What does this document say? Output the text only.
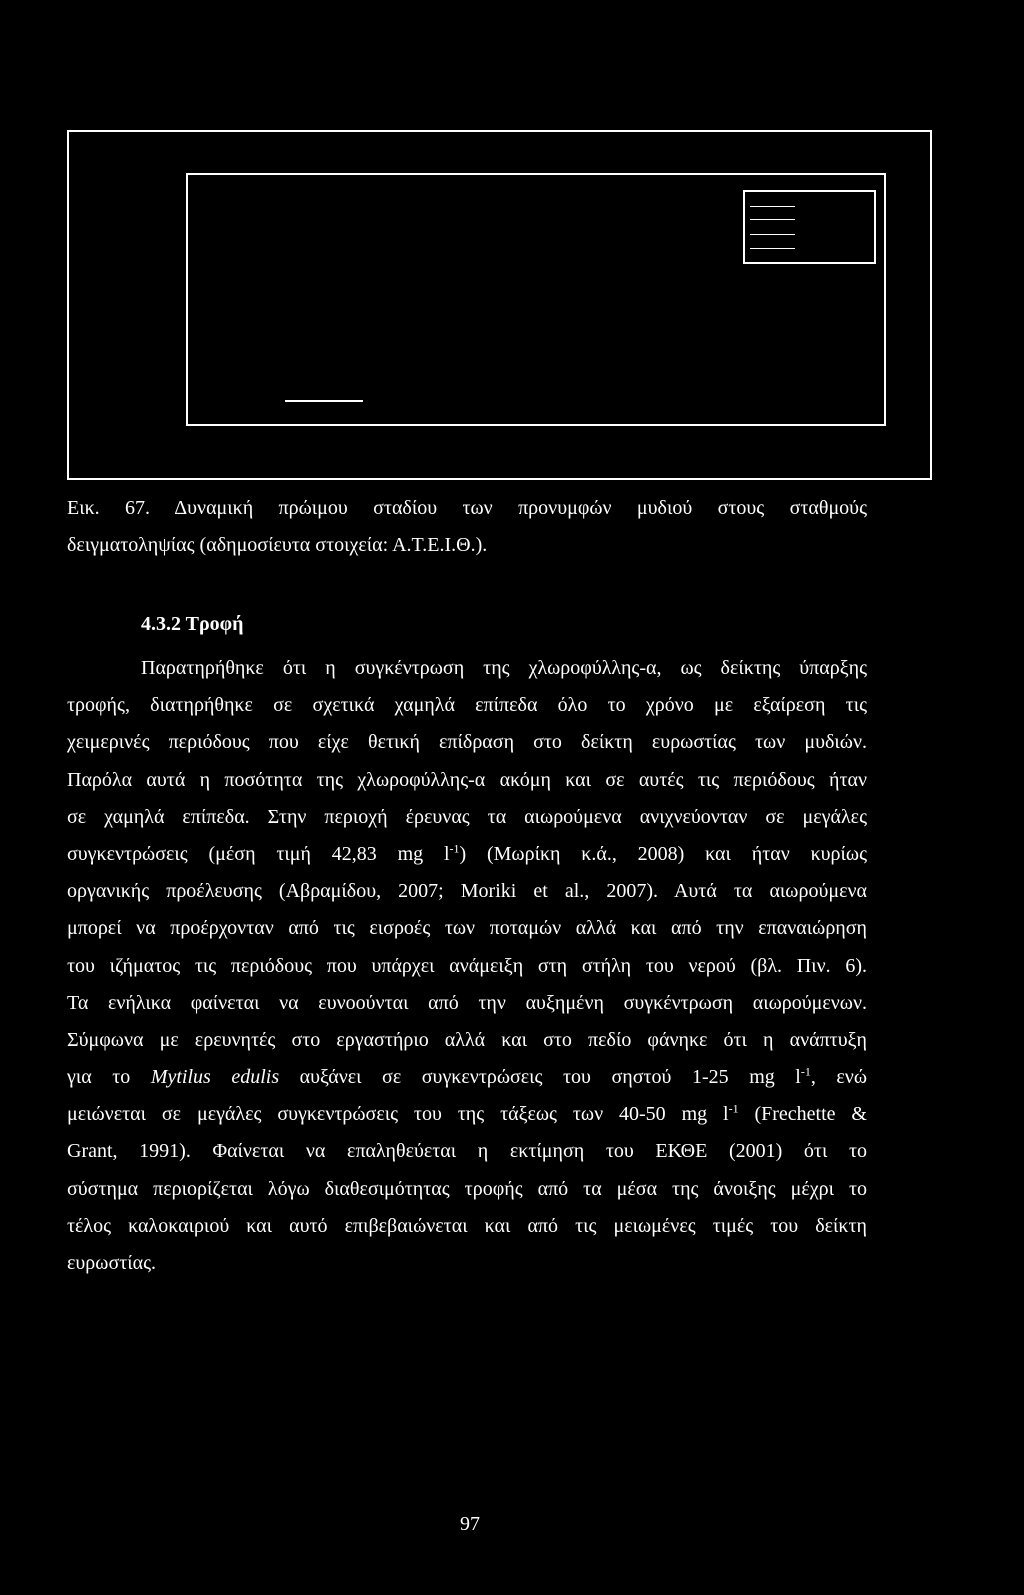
Εικ. 67. Δυναμική πρώιμου σταδίου των προνυμφών μυδιού στους σταθμούς
δειγματοληψίας (αδημοσίευτα στοιχεία: Α.Τ.Ε.Ι.Θ.).
4.3.2 Τροφή
Παρατηρήθηκε ότι η συγκέντρωση της χλωροφύλλης-α, ως δείκτης ύπαρξης
τροφής, διατηρήθηκε σε σχετικά χαμηλά επίπεδα όλο το χρόνο με εξαίρεση τις
χειμερινές περιόδους που είχε θετική επίδραση στο δείκτη ευρωστίας των μυδιών.
Παρόλα αυτά η ποσότητα της χλωροφύλλης-α ακόμη και σε αυτές τις περιόδους ήταν
σε χαμηλά επίπεδα. Στην περιοχή έρευνας τα αιωρούμενα ανιχνεύονταν σε μεγάλες
συγκεντρώσεις (μέση τιμή 42,83 mg $l^{-1}$) (Μωρίκη κ.ά., 2008) και ήταν κυρίως
οργανικής προέλευσης (Αβραμίδου, 2007; Moriki et al., 2007). Αυτά τα αιωρούμενα
μπορεί να προέρχονταν από τις εισροές των ποταμών αλλά και από την επαναιώρηση
του ιζήματος τις περιόδους που υπάρχει ανάμειξη στη στήλη του νερού (βλ. Πιν. 6).
Τα ενήλικα φαίνεται να ευνοούνται από την αυξημένη συγκέντρωση αιωρούμενων.
Σύμφωνα με ερευνητές στο εργαστήριο αλλά και στο πεδίο φάνηκε ότι η ανάπτυξη
για το Mytilus edulis αυξάνει σε συγκεντρώσεις του σηστού 1-25 mg $l^{-1}$, ενώ
μειώνεται σε μεγάλες συγκεντρώσεις του της τάξεως των 40-50 mg $l^{-1}$ (Frechette &
Grant, 1991). Φαίνεται να επαληθεύεται η εκτίμηση του ΕΚΘΕ (2001) ότι το
σύστημα περιορίζεται λόγω διαθεσιμότητας τροφής από τα μέσα της άνοιξης μέχρι το
τέλος καλοκαιριού και αυτό επιβεβαιώνεται και από τις μειωμένες τιμές του δείκτη
ευρωστίας.
97
